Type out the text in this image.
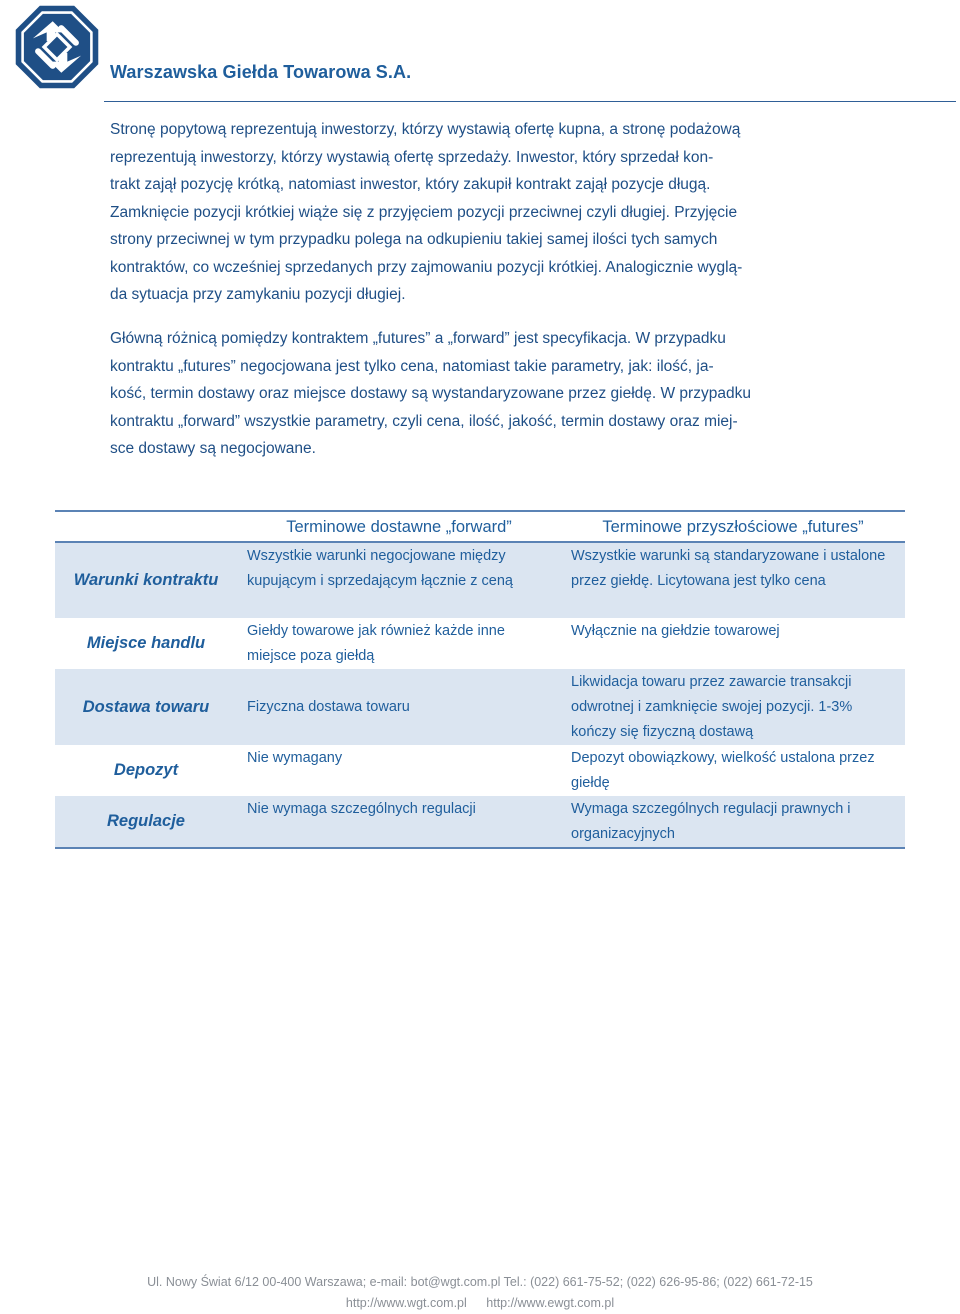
Warszawska Giełda Towarowa S.A.
Stronę popytową reprezentują inwestorzy, którzy wystawią ofertę kupna, a stronę podażową
reprezentują inwestorzy, którzy wystawią ofertę sprzedaży. Inwestor, który sprzedał kon-
trakt zajął pozycję krótką, natomiast inwestor, który zakupił kontrakt zajął pozycje długą.
Zamknięcie pozycji krótkiej wiąże się z przyjęciem pozycji przeciwnej czyli długiej. Przyjęcie
strony przeciwnej w tym przypadku polega na odkupieniu takiej samej ilości tych samych
kontraktów, co wcześniej sprzedanych przy zajmowaniu pozycji krótkiej. Analogicznie wyglą-
da sytuacja przy zamykaniu pozycji długiej.
Główną różnicą pomiędzy kontraktem „futures” a „forward” jest specyfikacja. W przypadku
kontraktu „futures” negocjowana jest tylko cena, natomiast takie parametry, jak: ilość, ja-
kość, termin dostawy oraz miejsce dostawy są wystandaryzowane przez giełdę. W przypadku
kontraktu „forward” wszystkie parametry, czyli cena, ilość, jakość, termin dostawy oraz miej-
sce dostawy są negocjowane.
	Terminowe dostawne „forward”	Terminowe przyszłościowe „futures”
Warunki kontraktu	Wszystkie warunki negocjowane między kupującym i sprzedającym łącznie z ceną	Wszystkie warunki są standaryzowane i ustalone przez giełdę. Licytowana jest tylko cena
Miejsce handlu	Giełdy towarowe jak również każde inne miejsce poza giełdą	Wyłącznie na giełdzie towarowej
Dostawa towaru	Fizyczna dostawa towaru	Likwidacja towaru przez zawarcie transakcji odwrotnej i zamknięcie swojej pozycji. 1-3% kończy się fizyczną dostawą
Depozyt	Nie wymagany	Depozyt obowiązkowy, wielkość ustalona przez giełdę
Regulacje	Nie wymaga szczególnych regulacji	Wymaga szczególnych regulacji prawnych i organizacyjnych
Ul. Nowy Świat 6/12 00-400 Warszawa; e-mail: bot@wgt.com.pl Tel.: (022) 661-75-52; (022) 626-95-86; (022) 661-72-15
http://www.wgt.com.pl http://www.ewgt.com.pl
